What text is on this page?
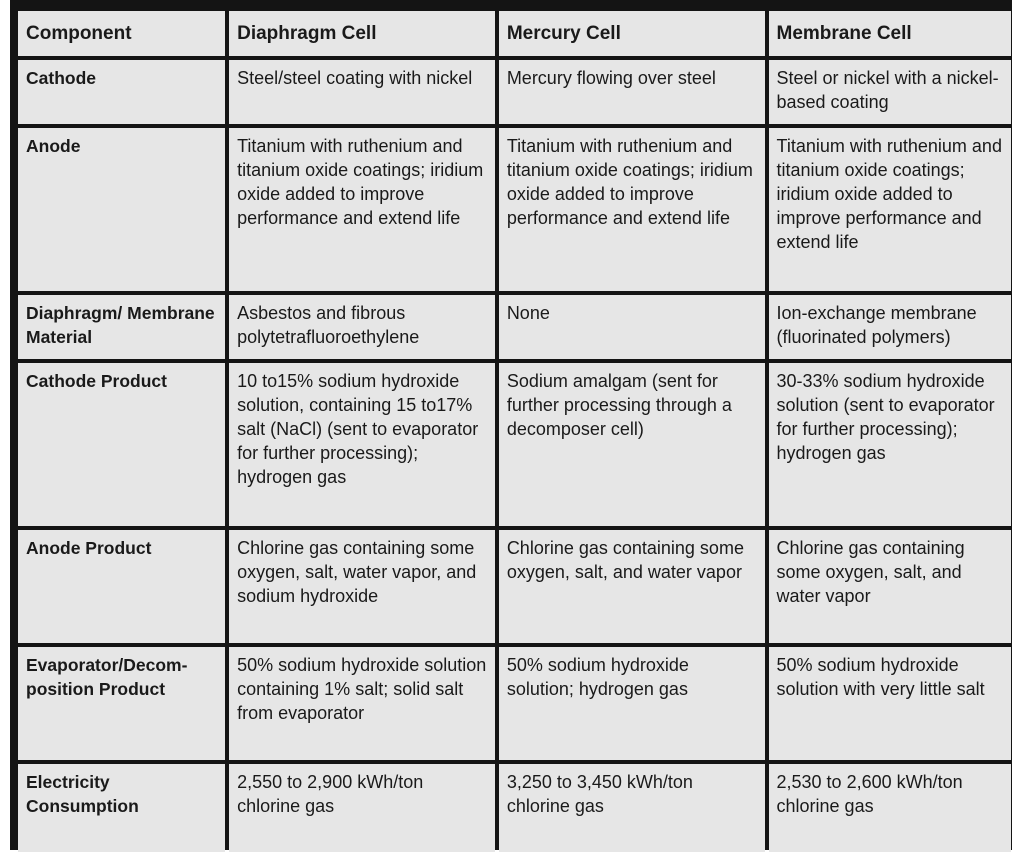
Component	Diaphragm Cell	Mercury Cell	Membrane Cell
Cathode	Steel/steel coating with nickel	Mercury flowing over steel	Steel or nickel with a nickel-based coating
Anode	Titanium with ruthenium and titanium oxide coatings; iridium oxide added to improve performance and extend life	Titanium with ruthenium and titanium oxide coatings; iridium oxide added to improve performance and extend life	Titanium with ruthenium and titanium oxide coatings; iridium oxide added to improve performance and extend life
Diaphragm/ Membrane Material	Asbestos and fibrous polytetrafluoroethylene	None	Ion-exchange membrane (fluorinated polymers)
Cathode Product	10 to15% sodium hydroxide solution, containing 15 to17% salt (NaCl) (sent to evaporator for further processing); hydrogen gas	Sodium amalgam (sent for further processing through a decomposer cell)	30-33% sodium hydroxide solution (sent to evaporator for further processing); hydrogen gas
Anode Product	Chlorine gas containing some oxygen, salt, water vapor, and sodium hydroxide	Chlorine gas containing some oxygen, salt, and water vapor	Chlorine gas containing some oxygen, salt, and water vapor
Evaporator/Decom- position Product	50% sodium hydroxide solution containing 1% salt; solid salt from evaporator	50% sodium hydroxide solution; hydrogen gas	50% sodium hydroxide solution with very little salt
Electricity Consumption	2,550 to 2,900 kWh/ton chlorine gas	3,250 to 3,450 kWh/ton chlorine gas	2,530 to 2,600 kWh/ton chlorine gas
